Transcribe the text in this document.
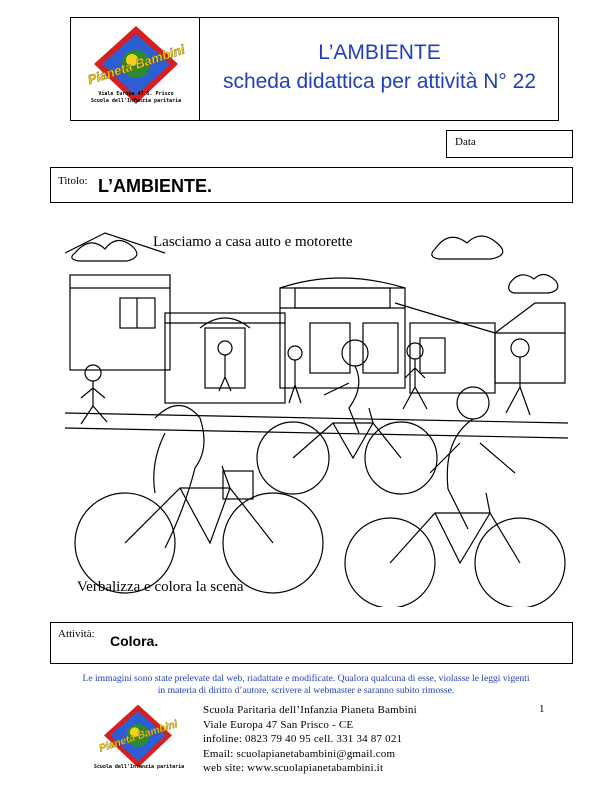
Pianeta Bambini
Viale Europa 47 S. Prisco
Scuola dell'Infanzia paritaria
L’AMBIENTE
scheda didattica per attività N° 22
Data
Titolo: L’AMBIENTE.
Lasciamo a casa auto e motorette
Verbalizza e colora la scena
Attività: Colora.
Le immagini sono state prelevate dal web, riadattate e modificate. Qualora qualcuna di esse, violasse le leggi vigenti
in materia di diritto d’autore, scrivere al webmaster e saranno subito rimosse.
Pianeta Bambini
Scuola dell'Infanzia paritaria
Scuola Paritaria dell’Infanzia Pianeta Bambini
Viale Europa 47 San Prisco - CE
infoline: 0823 79 40 95 cell. 331 34 87 021
Email: scuolapianetabambini@gmail.com
web site: www.scuolapianetabambini.it
1
